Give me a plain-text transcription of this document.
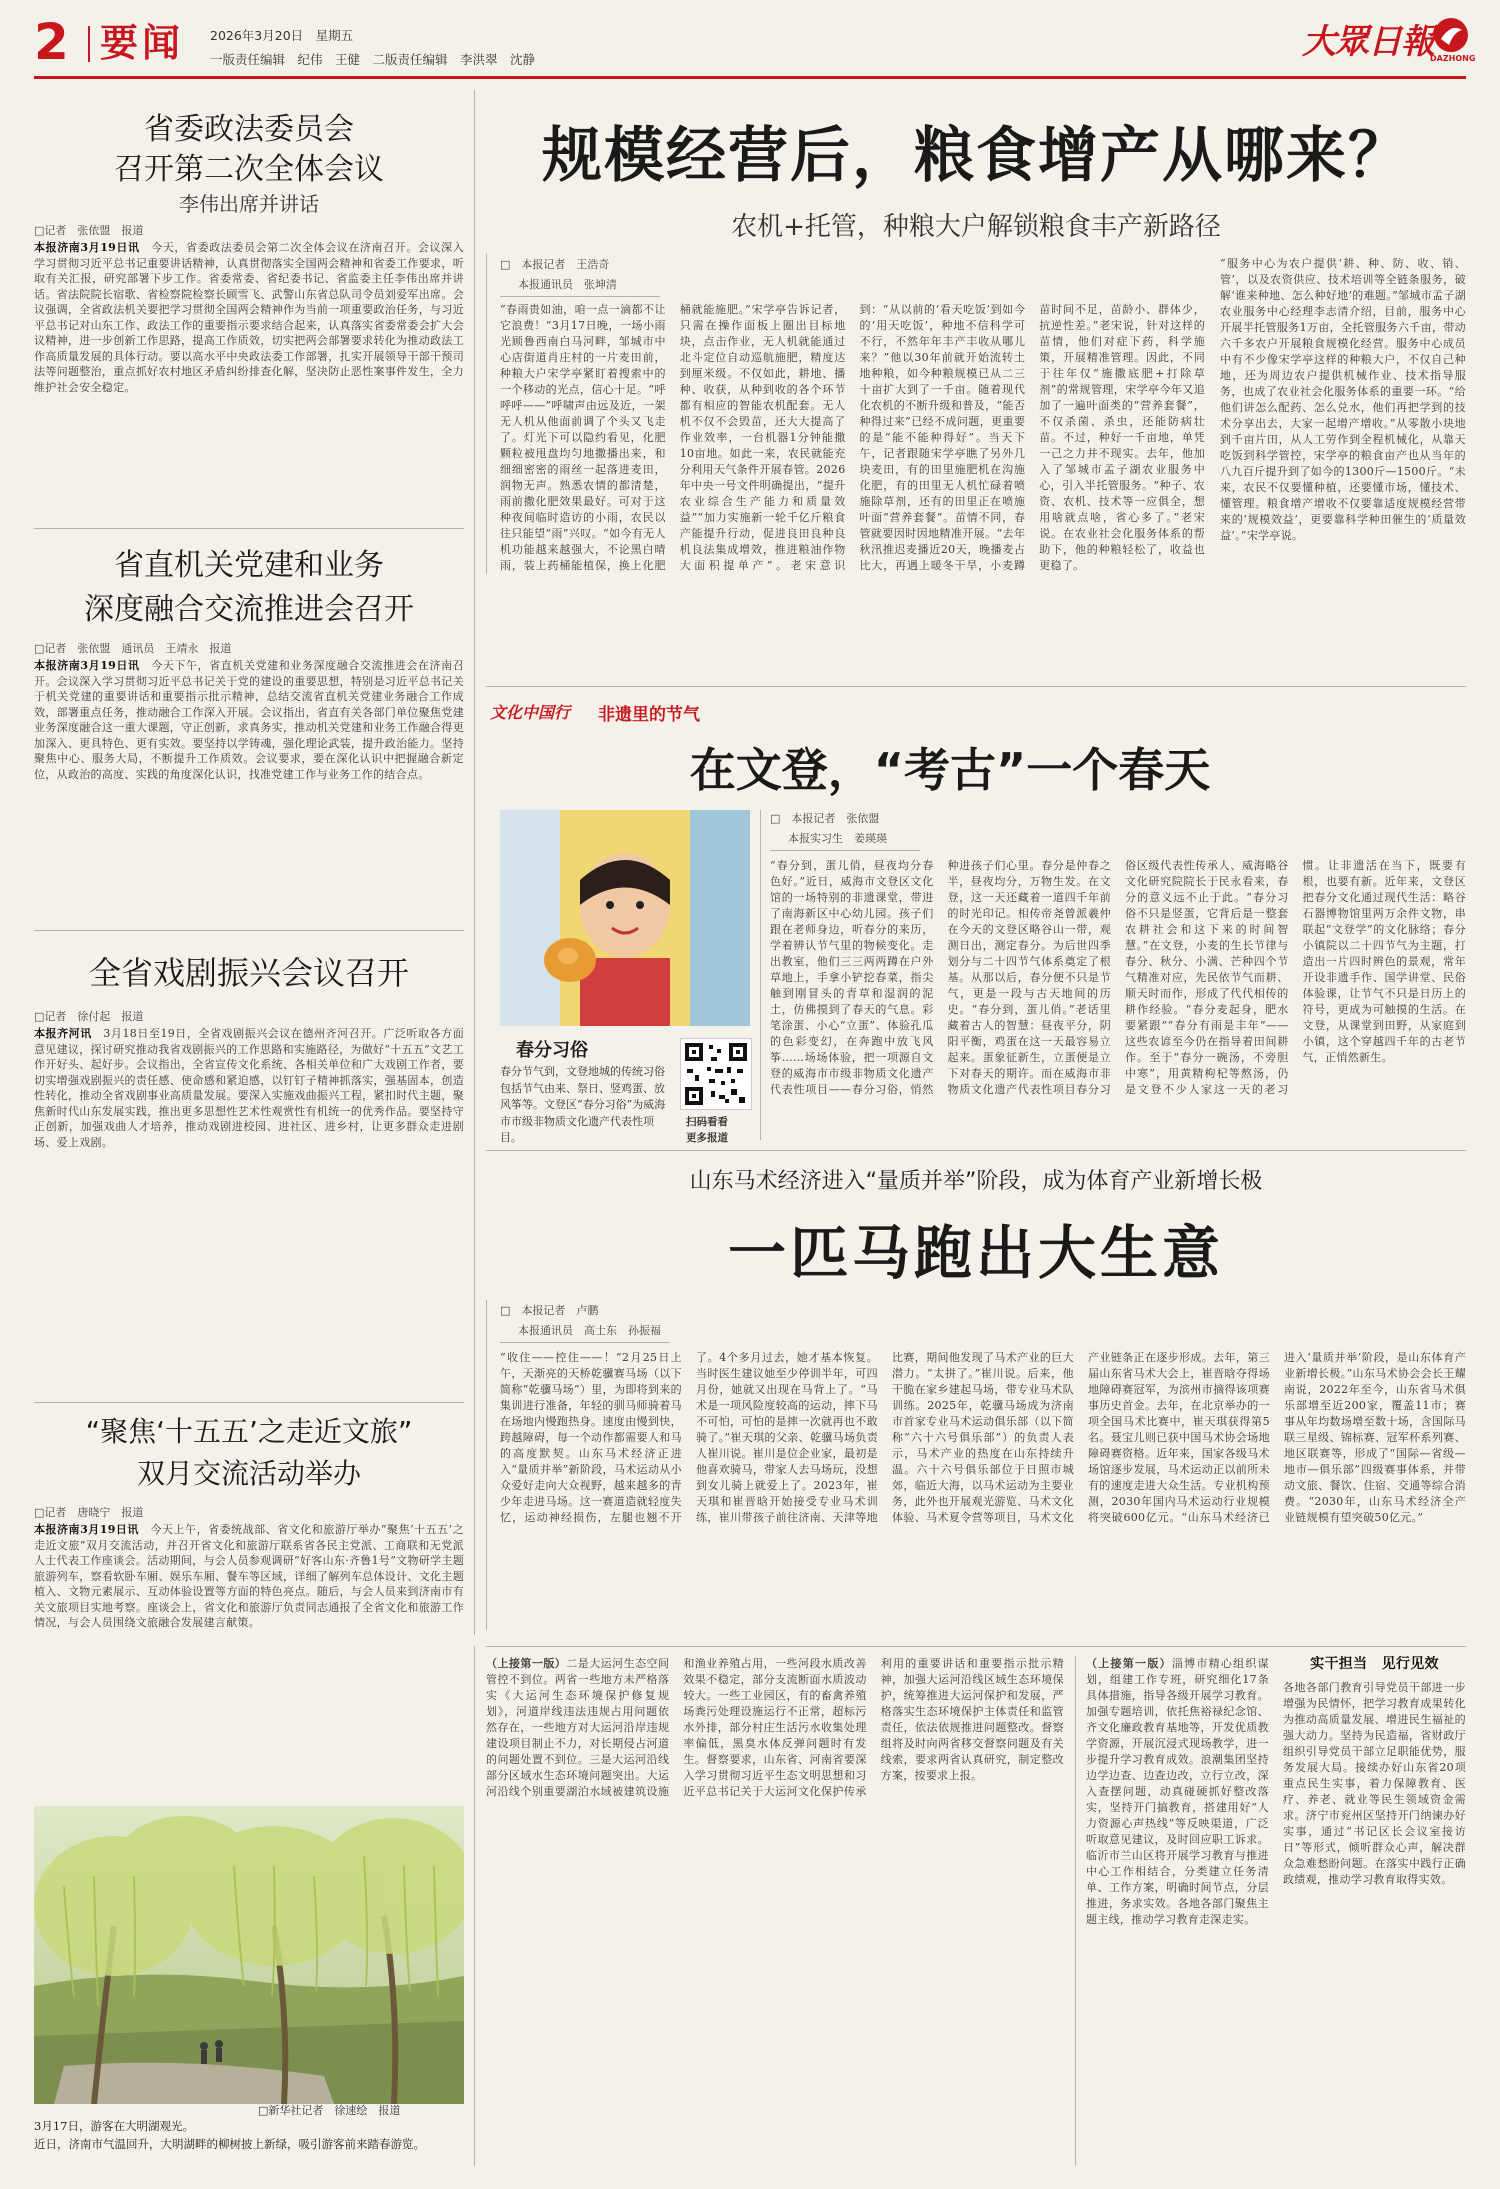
2 要闻 2026年3月20日　星期五
一版责任编辑　纪伟　王健　二版责任编辑　李洪翠　沈静	大眾日報
DAZHONG
省委政法委员会
召开第二次全体会议
李伟出席并讲话
□记者　张依盟　报道
本报济南3月19日讯　 今天，省委政法委员会第二次全体会议在济南召开。会议深入学习贯彻习近平总书记重要讲话精神，认真贯彻落实全国两会精神和省委工作要求，听取有关汇报，研究部署下步工作。省委常委、省纪委书记、省监委主任李伟出席并讲话。省法院院长宿歌、省检察院检察长顾雪飞、武警山东省总队司令员刘爱军出席。会议强调，全省政法机关要把学习贯彻全国两会精神作为当前一项重要政治任务，与习近平总书记对山东工作、政法工作的重要指示要求结合起来，认真落实省委常委会扩大会议精神，进一步创新工作思路，提高工作质效，切实把两会部署要求转化为推动政法工作高质量发展的具体行动。要以高水平中央政法委工作部署，扎实开展领导干部干预司法等问题整治，重点抓好农村地区矛盾纠纷排查化解，坚决防止恶性案事件发生，全力维护社会安全稳定。
省直机关党建和业务
深度融合交流推进会召开
□记者　张依盟　通讯员　王靖永　报道
本报济南3月19日讯　 今天下午，省直机关党建和业务深度融合交流推进会在济南召开。会议深入学习贯彻习近平总书记关于党的建设的重要思想，特别是习近平总书记关于机关党建的重要讲话和重要指示批示精神，总结交流省直机关党建业务融合工作成效，部署重点任务，推动融合工作深入开展。会议指出，省直有关各部门单位聚焦党建业务深度融合这一重大课题，守正创新，求真务实，推动机关党建和业务工作融合得更加深入、更具特色、更有实效。要坚持以学铸魂，强化理论武装，提升政治能力。坚持聚焦中心、服务大局，不断提升工作质效。会议要求，要在深化认识中把握融合新定位，从政治的高度、实践的角度深化认识，找准党建工作与业务工作的结合点。
全省戏剧振兴会议召开
□记者　徐付起　报道
本报齐河讯　 3月18日至19日，全省戏剧振兴会议在德州齐河召开。广泛听取各方面意见建议，探讨研究推动我省戏剧振兴的工作思路和实施路径，为做好“十五五”文艺工作开好头、起好步。会议指出，全省宣传文化系统、各相关单位和广大戏剧工作者，要切实增强戏剧振兴的责任感、使命感和紧迫感，以钉钉子精神抓落实，强基固本，创造性转化，推动全省戏剧事业高质量发展。要深入实施戏曲振兴工程，紧扣时代主题，聚焦新时代山东发展实践，推出更多思想性艺术性观赏性有机统一的优秀作品。要坚持守正创新，加强戏曲人才培养，推动戏剧进校园、进社区、进乡村，让更多群众走进剧场、爱上戏剧。
“聚焦‘十五五’之走近文旅”
双月交流活动举办
□记者　唐晓宁　报道
本报济南3月19日讯　 今天上午，省委统战部、省文化和旅游厅举办“聚焦‘十五五’之走近文旅”双月交流活动，并召开省文化和旅游厅联系省各民主党派、工商联和无党派人士代表工作座谈会。活动期间，与会人员参观调研“好客山东·齐鲁1号”文物研学主题旅游列车，察看软卧车厢、娱乐车厢、餐车等区域，详细了解列车总体设计、文化主题植入、文物元素展示、互动体验设置等方面的特色亮点。随后，与会人员来到济南市有关文旅项目实地考察。座谈会上，省文化和旅游厅负责同志通报了全省文化和旅游工作情况，与会人员围绕文旅融合发展建言献策。
3月17日，游客在大明湖观光。
□新华社记者　徐速绘　报道
近日，济南市气温回升，大明湖畔的柳树披上新绿，吸引游客前来踏春游览。
规模经营后，粮食增产从哪来？
农机+托管，种粮大户解锁粮食丰产新路径
□　本报记者　王浩奇
本报通讯员　张坤清
“春雨贵如油，咱一点一滴都不让它浪费！”3月17日晚，一场小雨光顾鲁西南白马河畔，邹城市中心店街道肖庄村的一片麦田前，种粮大户宋学亭紧盯着搜索中的一个移动的光点，信心十足。“呼呼呼——”呼啸声由远及近，一架无人机从他面前调了个头又飞走了。灯光下可以隐约看见，化肥颗粒被甩盘均匀地撒播出来，和细细密密的雨丝一起落进麦田，润物无声。熟悉农情的都清楚，雨前撒化肥效果最好。可对于这种夜间临时造访的小雨，农民以往只能望“雨”兴叹。“如今有无人机功能越来越强大，不论黑白晴雨，装上药桶能植保，换上化肥桶就能施肥。”宋学亭告诉记者，只需在操作面板上圈出目标地块，点击作业，无人机就能通过北斗定位自动巡航施肥，精度达到厘米级。不仅如此，耕地、播种、收获，从种到收的各个环节都有相应的智能农机配套。无人机不仅不会毁苗，还大大提高了作业效率，一台机器1分钟能撒10亩地。如此一来，农民就能充分利用天气条件开展春管。2026年中央一号文件明确提出，“提升农业综合生产能力和质量效益”“加力实施新一轮千亿斤粮食产能提升行动，促进良田良种良机良法集成增效，推进粮油作物大面积提单产”。老宋意识到：“从以前的‘看天吃饭’到如今的‘用天吃饭’，种地不信科学可不行，不然年年丰产丰收从哪儿来？”他以30年前就开始流转土地种粮，如今种粮规模已从二三十亩扩大到了一千亩。随着现代化农机的不断升级和普及，“能否种得过来”已经不成问题，更重要的是“能不能种得好”。当天下午，记者跟随宋学亭瞧了另外几块麦田，有的田里施肥机在沟施化肥，有的田里无人机忙碌着喷施除草剂，还有的田里正在喷施叶面“营养套餐”。苗情不同，春管就要因时因地精准开展。“去年秋汛推迟麦播近20天，晚播麦占比大，再遇上暖冬干旱，小麦蹲苗时间不足，苗龄小、群体少，抗逆性差。”老宋说，针对这样的苗情，他们对症下药，科学施策，开展精准管理。因此，不同于往年仅“施撒底肥+打除草剂”的常规管理，宋学亭今年又追加了一遍叶面类的“营养套餐”，不仅杀菌、杀虫，还能防病壮苗。不过，种好一千亩地，单凭一己之力并不现实。去年，他加入了邹城市孟子湖农业服务中心，引入半托管服务。“种子、农资、农机、技术等一应俱全，想用啥就点啥，省心多了。”老宋说。在农业社会化服务体系的帮助下，他的种粮轻松了，收益也更稳了。
“服务中心为农户提供‘耕、种、防、收、销、管’，以及农资供应、技术培训等全链条服务，破解‘谁来种地、怎么种好地’的难题。”邹城市孟子湖农业服务中心经理李志清介绍，目前，服务中心开展半托管服务1万亩，全托管服务六千亩，带动六千多农户开展粮食规模化经营。服务中心成员中有不少像宋学亭这样的种粮大户，不仅自己种地，还为周边农户提供机械作业、技术指导服务，也成了农业社会化服务体系的重要一环。“给他们讲怎么配药、怎么兑水，他们再把学到的技术分享出去，大家一起增产增收。”从零散小块地到千亩片田，从人工劳作到全程机械化，从靠天吃饭到科学管控，宋学亭的粮食亩产也从当年的八九百斤提升到了如今的1300斤—1500斤。“未来，农民不仅要懂种植，还要懂市场，懂技术、懂管理。粮食增产增收不仅要靠适度规模经营带来的‘规模效益’，更要靠科学种田催生的‘质量效益’。”宋学亭说。
文化中国行 非遗里的节气
在文登，“考古”一个春天
春分习俗
春分节气到，文登地城的传统习俗包括节气由来、祭日、竖鸡蛋、放风筝等。文登区“春分习俗”为威海市市级非物质文化遗产代表性项目。
扫码看看
更多报道
□　本报记者　张依盟
本报实习生　姜瑛瑛
“春分到，蛋儿俏，昼夜均分春色好。”近日，威海市文登区文化馆的一场特别的非遗课堂，带进了南海新区中心幼儿园。孩子们跟在老师身边，听春分的来历，学着辨认节气里的物候变化。走出教室，他们三三两两蹲在户外草地上，手拿小铲挖春菜，指尖触到刚冒头的青草和湿润的泥土，仿佛摸到了春天的气息。彩笔涂蛋、小心“立蛋”、体验孔瓜的色彩变幻，在奔跑中放飞风筝……场场体验，把一项源自文登的威海市市级非物质文化遗产代表性项目——春分习俗，悄然种进孩子们心里。春分是仲春之半，昼夜均分，万物生发。在文登，这一天还藏着一道四千年前的时光印记。相传帝尧曾派羲仲在今天的文登区略谷山一带，观测日出，测定春分。为后世四季划分与二十四节气体系奠定了根基。从那以后，春分便不只是节气，更是一段与古天地间的历史。“春分到，蛋儿俏。”老话里藏着古人的智慧：昼夜平分，阴阳平衡，鸡蛋在这一天最容易立起来。蛋象征新生，立蛋便是立下对春天的期许。而在威海市非物质文化遗产代表性项目春分习俗区级代表性传承人、威海略谷文化研究院院长于民永看来，春分的意义远不止于此。“春分习俗不只是竖蛋，它背后是一整套农耕社会和这下来的时间智慧。”在文登，小麦的生长节律与春分、秋分、小满、芒种四个节气精准对应，先民依节气而耕、顺天时而作，形成了代代相传的耕作经验。“春分麦起身，肥水要紧跟”“春分有雨是丰年”——这些农谚至今仍在指导着田间耕作。至于“春分一碗汤，不旁胆中寒”，用黄精枸杞等熬汤，仍是文登不少人家这一天的老习惯。让非遗活在当下，既要有根，也要有新。近年来，文登区把春分文化通过现代生活：略谷石器博物馆里两万余件文物，串联起“文登学”的文化脉络；春分小镇院以二十四节气为主题，打造出一片四时辨色的景观，常年开设非遗手作、国学讲堂、民俗体验课，让节气不只是日历上的符号，更成为可触摸的生活。在文登，从课堂到田野，从家庭到小镇，这个穿越四千年的古老节气，正悄然新生。
山东马术经济进入“量质并举”阶段，成为体育产业新增长极
一匹马跑出大生意
□　本报记者　卢鹏
本报通讯员　高士东　孙振福
“收住——控住——！”2月25日上午，天渐亮的天桥乾骥赛马场（以下简称“乾骥马场”）里，为即将到来的集训进行准备，年轻的驯马师骑着马在场地内慢跑热身。速度由慢到快，跨越障碍，每一个动作都需要人和马的高度默契。山东马术经济正进入“量质并举”新阶段，马术运动从小众爱好走向大众视野，越来越多的青少年走进马场。这一赛道造就轻度失忆，运动神经损伤，左腿也翘不开了。4个多月过去，她才基本恢复。当时医生建议她至少停训半年，可四月份，她就又出现在马背上了。“马术是一项风险度较高的运动，摔下马不可怕，可怕的是摔一次就再也不敢骑了。”崔天琪的父亲、乾骥马场负责人崔川说。崔川是位企业家，最初是他喜欢骑马，带家人去马场玩，没想到女儿骑上就爱上了。2023年，崔天琪和崔晋晗开始接受专业马术训练，崔川带孩子前往济南、天津等地比赛，期间他发现了马术产业的巨大潜力。“太拼了。”崔川说。后来，他干脆在家乡建起马场，带专业马术队训练。2025年，乾骥马场成为济南市首家专业马术运动俱乐部（以下简称“六十六号俱乐部”）的负责人表示，马术产业的热度在山东持续升温。六十六号俱乐部位于日照市城郊，临近大海，以马术运动为主要业务，此外也开展观光游览、马术文化体验、马术夏令营等项目，马术文化产业链条正在逐步形成。去年，第三届山东省马术大会上，崔晋晗夺得场地障碍赛冠军，为滨州市摘得该项赛事历史首金。去年，在北京举办的一项全国马术比赛中，崔天琪获得第5名。聂宝儿则已获中国马术协会场地障碍赛资格。近年来，国家各级马术场馆逐步发展，马术运动正以前所未有的速度走进大众生活。专业机构预测，2030年国内马术运动行业规模将突破600亿元。“山东马术经济已进入‘量质并举’阶段，是山东体育产业新增长极。”山东马术协会会长王耀南说，2022年至今，山东省马术俱乐部增至近200家，覆盖11市；赛事从年均数场增至数十场，含国际马联三星级、锦标赛、冠军杯系列赛、地区联赛等，形成了“国际—省级—地市—俱乐部”四级赛事体系，并带动文旅、餐饮、住宿、交通等综合消费。“2030年，山东马术经济全产业链规模有望突破50亿元。”
（上接第一版）二是大运河生态空间管控不到位。两省一些地方未严格落实《大运河生态环境保护修复规划》，河道岸线违法违规占用问题依然存在，一些地方对大运河沿岸违规建设项目制止不力，对长期侵占河道的问题处置不到位。三是大运河沿线部分区域水生态环境问题突出。大运河沿线个别重要湖泊水域被建筑设施和渔业养殖占用，一些河段水质改善效果不稳定，部分支流断面水质波动较大。一些工业园区，有的畜禽养殖场粪污处理设施运行不正常，超标污水外排，部分村庄生活污水收集处理率偏低，黑臭水体反弹问题时有发生。督察要求，山东省、河南省要深入学习贯彻习近平生态文明思想和习近平总书记关于大运河文化保护传承利用的重要讲话和重要指示批示精神，加强大运河沿线区域生态环境保护，统筹推进大运河保护和发展，严格落实生态环境保护主体责任和监管责任，依法依规推进问题整改。督察组将及时向两省移交督察问题及有关线索，要求两省认真研究，制定整改方案，按要求上报。
（上接第一版）淄博市精心组织谋划，组建工作专班，研究细化17条具体措施，指导各级开展学习教育。加强专题培训，依托焦裕禄纪念馆、齐文化廉政教育基地等，开发优质教学资源，开展沉浸式现场教学，进一步提升学习教育成效。浪潮集团坚持边学边查、边查边改，立行立改，深入查摆问题，动真碰硬抓好整改落实，坚持开门搞教育，搭建用好“人力资源心声热线”等反映渠道，广泛听取意见建议，及时回应职工诉求。临沂市兰山区将开展学习教育与推进中心工作相结合，分类建立任务清单、工作方案，明确时间节点，分层推进，务求实效。各地各部门聚焦主题主线，推动学习教育走深走实。
实干担当　见行见效
各地各部门教育引导党员干部进一步增强为民情怀，把学习教育成果转化为推动高质量发展、增进民生福祉的强大动力。坚持为民造福，省财政厅组织引导党员干部立足职能优势，服务发展大局。接续办好山东省20项重点民生实事，着力保障教育、医疗、养老、就业等民生领域资金需求。济宁市兖州区坚持开门纳谏办好实事，通过“书记区长会议室接访日”等形式，倾听群众心声，解决群众急难愁盼问题。在落实中践行正确政绩观，推动学习教育取得实效。
